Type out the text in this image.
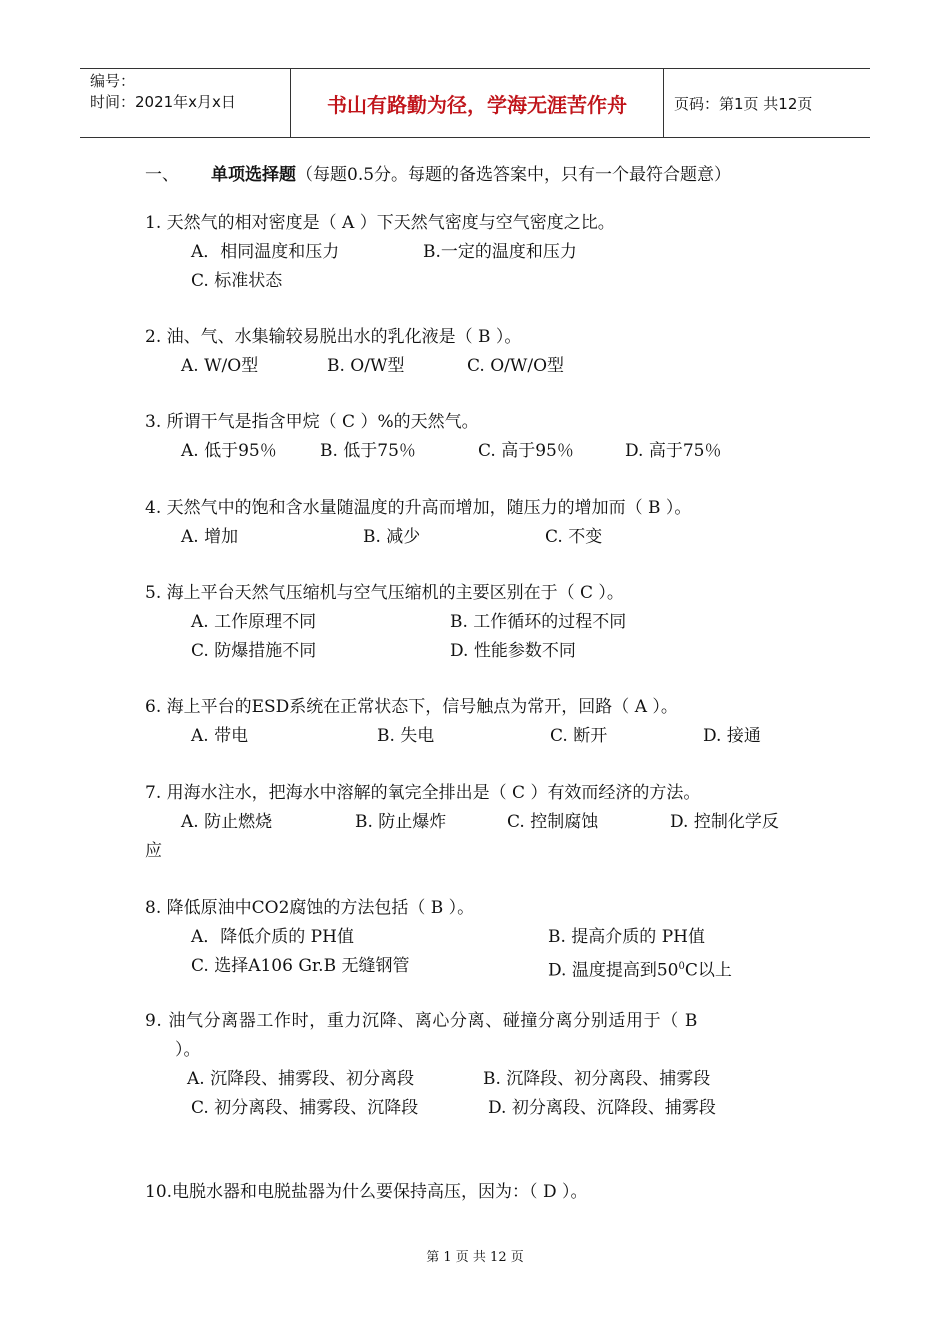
编号：
时间：2021年x月x日	书山有路勤为径，学海无涯苦作舟	页码：第1页 共12页
一、 单项选择题（每题0.5分。每题的备选答案中，只有一个最符合题意）
1. 天然气的相对密度是（ A ）下天然气密度与空气密度之比。
A．相同温度和压力	B.一定的温度和压力
C. 标准状态
2. 油、气、水集输较易脱出水的乳化液是（ B ）。
A. W/O型	B. O/W型	C. O/W/O型
3. 所谓干气是指含甲烷（ C ）%的天然气。
A. 低于95％	B. 低于75％	C. 高于95％	D. 高于75％
4. 天然气中的饱和含水量随温度的升高而增加，随压力的增加而（ B ）。
A. 增加	B. 减少	C. 不变
5. 海上平台天然气压缩机与空气压缩机的主要区别在于（ C ）。
A. 工作原理不同	B. 工作循环的过程不同
C. 防爆措施不同	D. 性能参数不同
6. 海上平台的ESD系统在正常状态下，信号触点为常开，回路（ A ）。
A. 带电	B. 失电	C. 断开	D. 接通
7. 用海水注水，把海水中溶解的氧完全排出是（ C ）有效而经济的方法。
A. 防止燃烧	B. 防止爆炸	C. 控制腐蚀	D. 控制化学反
应
8. 降低原油中CO2腐蚀的方法包括（ B ）。
A．降低介质的 PH值	B. 提高介质的 PH值
C. 选择A106 Gr.B 无缝钢管	D. 温度提高到$50^0C$以上
9. 油气分离器工作时，重力沉降、离心分离、碰撞分离分别适用于（ B
）。
A. 沉降段、捕雾段、初分离段	B. 沉降段、初分离段、捕雾段
C. 初分离段、捕雾段、沉降段	D. 初分离段、沉降段、捕雾段
10.电脱水器和电脱盐器为什么要保持高压，因为：（ D ）。
第 1 页 共 12 页
